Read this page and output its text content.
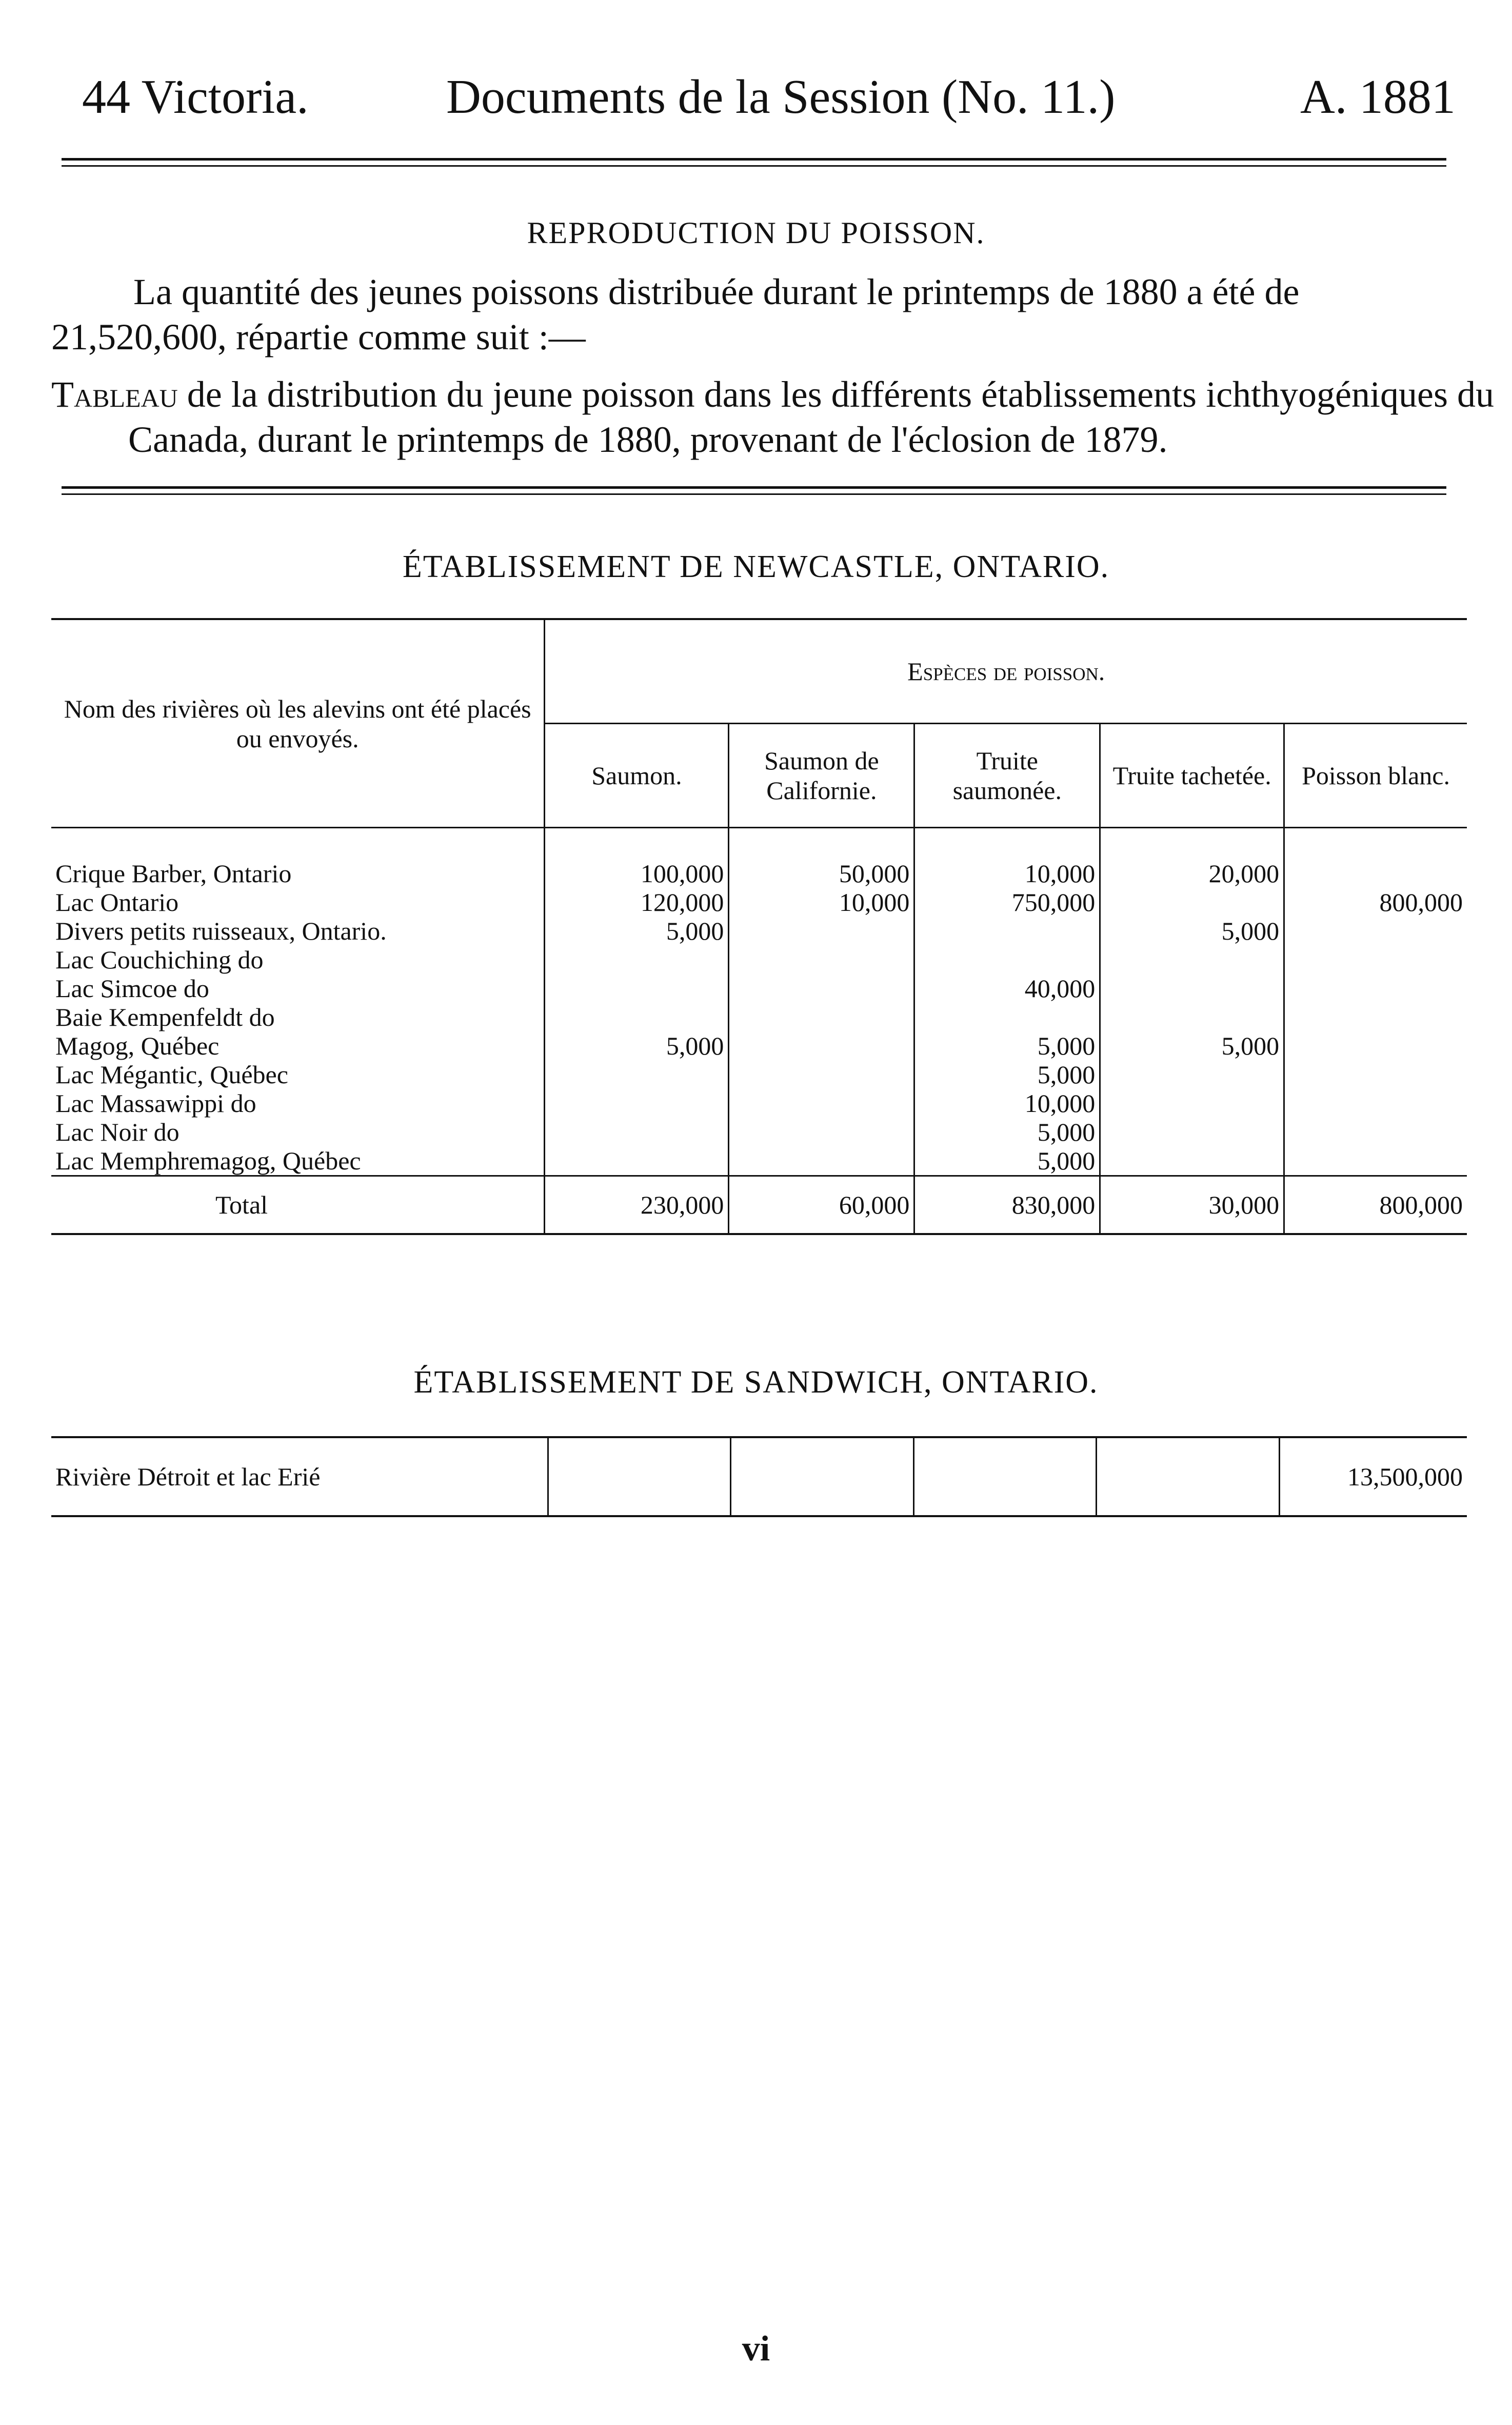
44 Victoria.	Documents de la Session (No. 11.)	A. 1881
REPRODUCTION DU POISSON.
La quantité des jeunes poissons distribuée durant le printemps de 1880 a été de 21,520,600, répartie comme suit :—
Tableau de la distribution du jeune poisson dans les différents établissements ichthyogéniques du Canada, durant le printemps de 1880, provenant de l'éclosion de 1879.
ÉTABLISSEMENT DE NEWCASTLE, ONTARIO.
Nom des rivières où les alevins ont été placés ou envoyés.	Espèces de poisson.				
	Saumon.	Saumon de Californie.	Truite saumonée.	Truite tachetée.	Poisson blanc.

Crique Barber, Ontario	100,000	50,000	10,000	20,000	
Lac Ontario	120,000	10,000	750,000		800,000
Divers petits ruisseaux, Ontario.	5,000			5,000	
Lac Couchiching do					
Lac Simcoe do			40,000		
Baie Kempenfeldt do					
Magog, Québec	5,000		5,000	5,000	
Lac Mégantic, Québec			5,000		
Lac Massawippi do			10,000		
Lac Noir do			5,000		
Lac Memphremagog, Québec			5,000		
Total	230,000	60,000	830,000	30,000	800,000
ÉTABLISSEMENT DE SANDWICH, ONTARIO.
Rivière Détroit et lac Erié					13,500,000
vi
